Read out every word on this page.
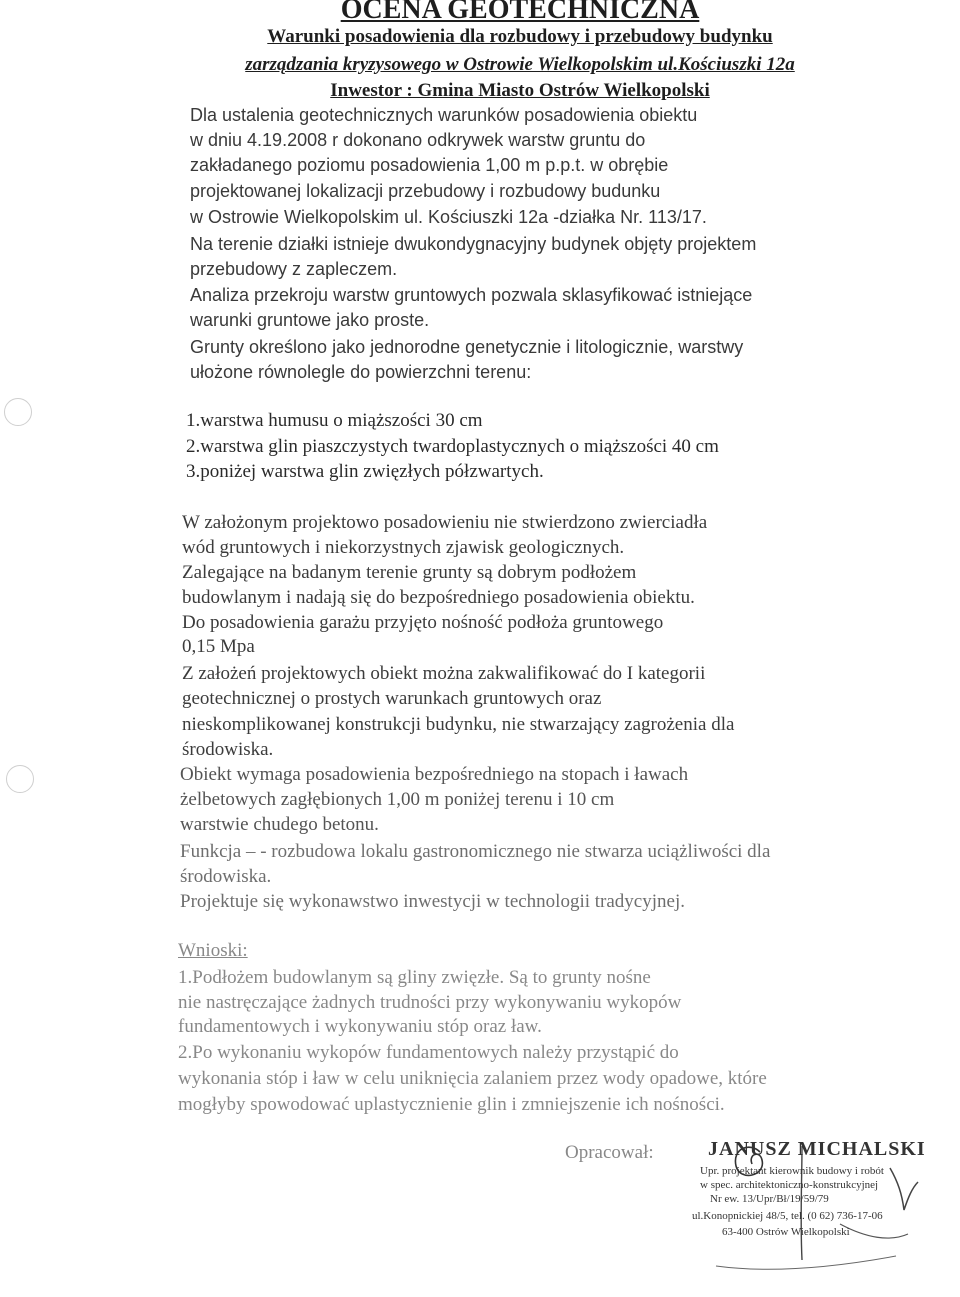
OCENA GEOTECHNICZNA

Warunki posadowienia dla rozbudowy i przebudowy budynku

zarządzania kryzysowego w Ostrowie Wielkopolskim ul.Kościuszki 12a

Inwestor : Gmina Miasto Ostrów Wielkopolski

Dla ustalenia geotechnicznych warunków posadowienia obiektu

w dniu 4.19.2008 r dokonano odkrywek warstw gruntu do

zakładanego poziomu posadowienia 1,00 m p.p.t. w obrębie

projektowanej lokalizacji przebudowy i rozbudowy budunku

w Ostrowie Wielkopolskim ul. Kościuszki 12a -działka Nr. 113/17.

Na terenie działki istnieje dwukondygnacyjny budynek objęty projektem

przebudowy z zapleczem.

Analiza przekroju warstw gruntowych pozwala sklasyfikować istniejące

warunki gruntowe jako proste.

Grunty określono jako jednorodne genetycznie i litologicznie, warstwy

ułożone równolegle do powierzchni terenu:

1.warstwa humusu o miąższości 30 cm

2.warstwa glin piaszczystych twardoplastycznych o miąższości 40 cm

3.poniżej warstwa glin zwięzłych półzwartych.

W założonym projektowo posadowieniu nie stwierdzono zwierciadła

wód gruntowych i niekorzystnych zjawisk geologicznych.

Zalegające na badanym terenie grunty są dobrym podłożem

budowlanym i nadają się do bezpośredniego posadowienia obiektu.

Do posadowienia garażu przyjęto nośność podłoża gruntowego

0,15 Mpa

Z założeń projektowych obiekt można zakwalifikować do I kategorii

geotechnicznej o prostych warunkach gruntowych oraz

nieskomplikowanej konstrukcji budynku, nie stwarzający zagrożenia dla

środowiska.

Obiekt wymaga posadowienia bezpośredniego na stopach i ławach

żelbetowych zagłębionych 1,00 m poniżej terenu i 10 cm

warstwie chudego betonu.

Funkcja – - rozbudowa lokalu gastronomicznego nie stwarza uciążliwości dla

środowiska.

Projektuje się wykonawstwo inwestycji w technologii tradycyjnej.

Wnioski:

1.Podłożem budowlanym są gliny zwięzłe. Są to grunty nośne

nie nastręczające żadnych trudności przy wykonywaniu wykopów

fundamentowych i wykonywaniu stóp oraz ław.

2.Po wykonaniu wykopów fundamentowych należy przystąpić do

wykonania stóp i ław w celu uniknięcia zalaniem przez wody opadowe, które

mogłyby spowodować uplastycznienie glin i zmniejszenie ich nośności.

Opracował:	JANUSZ MICHALSKI
Upr. projektant kierownik budowy i robót
w spec. architektoniczno-konstrukcyjnej
Nr ew. 13/Upr/Bł/19/59/79
ul.Konopnickiej 48/5, tel. (0 62) 736-17-06
63-400 Ostrów Wielkopolski
